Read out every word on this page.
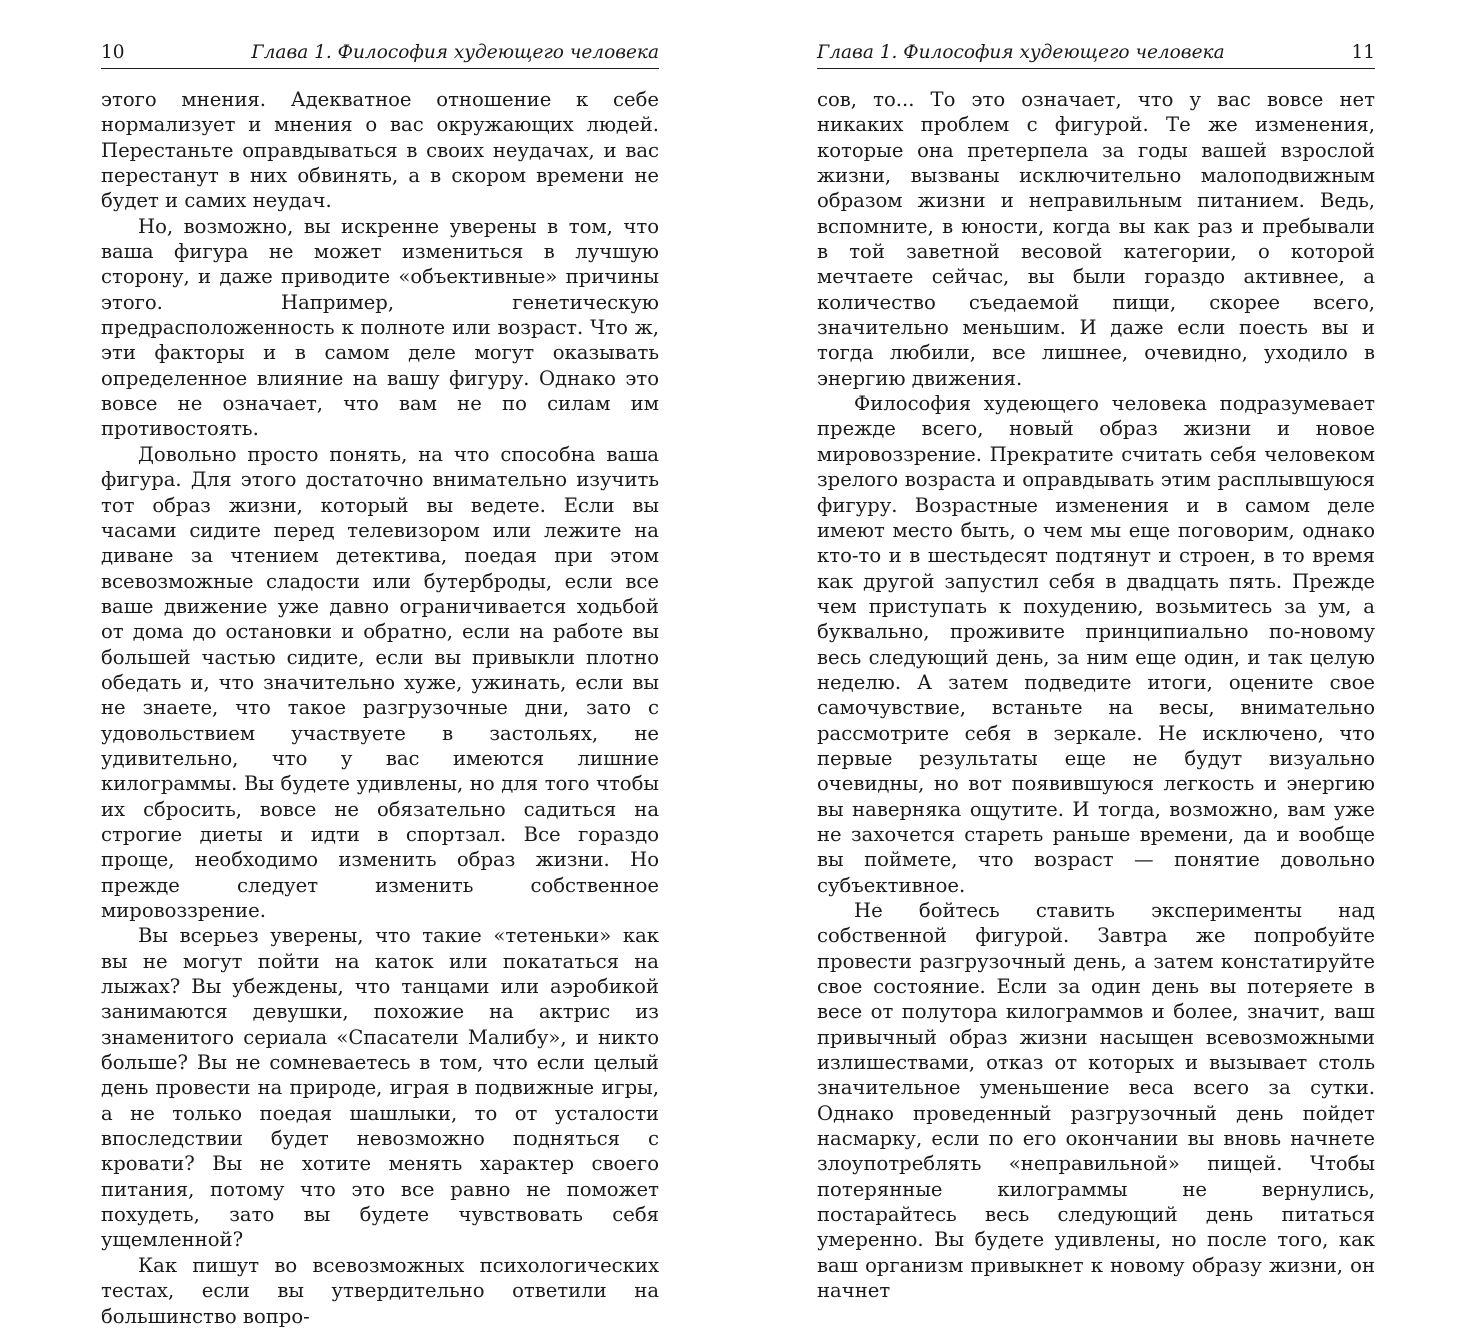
10	Глава 1. Философия худеющего человека

этого мнения. Адекватное отношение к себе нормализует и мнения о вас окружающих людей. Перестаньте оправдываться в своих неудачах, и вас перестанут в них обвинять, а в скором времени не будет и самих неудач.

Но, возможно, вы искренне уверены в том, что ваша фигура не может измениться в лучшую сторону, и даже приводите «объективные» причины этого. Например, генетическую предрасположенность к полноте или возраст. Что ж, эти факторы и в самом деле могут оказывать определенное влияние на вашу фигуру. Однако это вовсе не означает, что вам не по силам им противостоять.

Довольно просто понять, на что способна ваша фигура. Для этого достаточно внимательно изучить тот образ жизни, который вы ведете. Если вы часами сидите перед телевизором или лежите на диване за чтением детектива, поедая при этом всевозможные сладости или бутерброды, если все ваше движение уже давно ограничивается ходьбой от дома до остановки и обратно, если на работе вы большей частью сидите, если вы привыкли плотно обедать и, что значительно хуже, ужинать, если вы не знаете, что такое разгрузочные дни, зато с удовольствием участвуете в застольях, не удивительно, что у вас имеются лишние килограммы. Вы будете удивлены, но для того чтобы их сбросить, вовсе не обязательно садиться на строгие диеты и идти в спортзал. Все гораздо проще, необходимо изменить образ жизни. Но прежде следует изменить собственное мировоззрение.

Вы всерьез уверены, что такие «тетеньки» как вы не могут пойти на каток или покататься на лыжах? Вы убеждены, что танцами или аэробикой занимаются девушки, похожие на актрис из знаменитого сериала «Спасатели Малибу», и никто больше? Вы не сомневаетесь в том, что если целый день провести на природе, играя в подвижные игры, а не только поедая шашлыки, то от усталости впоследствии будет невозможно подняться с кровати? Вы не хотите менять характер своего питания, потому что это все равно не поможет похудеть, зато вы будете чувствовать себя ущемленной?

Как пишут во всевозможных психологических тестах, если вы утвердительно ответили на большинство вопро-

Глава 1. Философия худеющего человека	11

сов, то... То это означает, что у вас вовсе нет никаких проблем с фигурой. Те же изменения, которые она претерпела за годы вашей взрослой жизни, вызваны исключительно малоподвижным образом жизни и неправильным питанием. Ведь, вспомните, в юности, когда вы как раз и пребывали в той заветной весовой категории, о которой мечтаете сейчас, вы были гораздо активнее, а количество съедаемой пищи, скорее всего, значительно меньшим. И даже если поесть вы и тогда любили, все лишнее, очевидно, уходило в энергию движения.

Философия худеющего человека подразумевает прежде всего, новый образ жизни и новое мировоззрение. Прекратите считать себя человеком зрелого возраста и оправдывать этим расплывшуюся фигуру. Возрастные изменения и в самом деле имеют место быть, о чем мы еще поговорим, однако кто-то и в шестьдесят подтянут и строен, в то время как другой запустил себя в двадцать пять. Прежде чем приступать к похудению, возьмитесь за ум, а буквально, проживите принципиально по-новому весь следующий день, за ним еще один, и так целую неделю. А затем подведите итоги, оцените свое самочувствие, встаньте на весы, внимательно рассмотрите себя в зеркале. Не исключено, что первые результаты еще не будут визуально очевидны, но вот появившуюся легкость и энергию вы наверняка ощутите. И тогда, возможно, вам уже не захочется стареть раньше времени, да и вообще вы поймете, что возраст — понятие довольно субъективное.

Не бойтесь ставить эксперименты над собственной фигурой. Завтра же попробуйте провести разгрузочный день, а затем констатируйте свое состояние. Если за один день вы потеряете в весе от полутора килограммов и более, значит, ваш привычный образ жизни насыщен всевозможными излишествами, отказ от которых и вызывает столь значительное уменьшение веса всего за сутки. Однако проведенный разгрузочный день пойдет насмарку, если по его окончании вы вновь начнете злоупотреблять «неправильной» пищей. Чтобы потерянные килограммы не вернулись, постарайтесь весь следующий день питаться умеренно. Вы будете удивлены, но после того, как ваш организм привыкнет к новому образу жизни, он начнет
